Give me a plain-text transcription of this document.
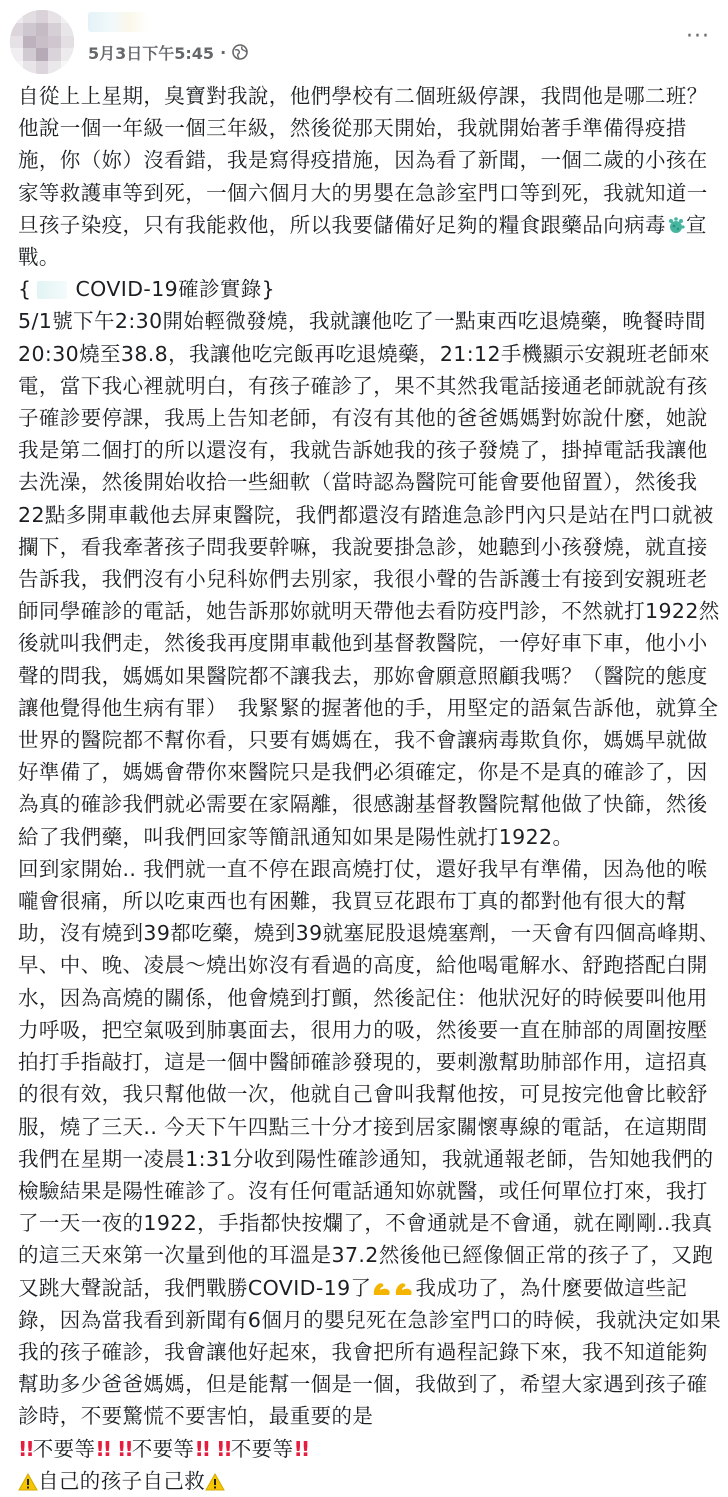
5月3日下午5:45 ·
···

自從上上星期，臭寶對我說，他們學校有二個班級停課，我問他是哪二班？他說一個一年級一個三年級，然後從那天開始，我就開始著手準備得疫措施，你（妳）沒看錯，我是寫得疫措施，因為看了新聞，一個二歲的小孩在家等救護車等到死，一個六個月大的男嬰在急診室門口等到死，我就知道一旦孩子染疫，只有我能救他，所以我要儲備好足夠的糧食跟藥品向病毒 宣戰。

{ COVID-19確診實錄}

5/1號下午2:30開始輕微發燒，我就讓他吃了一點東西吃退燒藥，晚餐時間20:30燒至38.8，我讓他吃完飯再吃退燒藥，21:12手機顯示安親班老師來電，當下我心裡就明白，有孩子確診了，果不其然我電話接通老師就說有孩子確診要停課，我馬上告知老師，有沒有其他的爸爸媽媽對妳說什麼，她說我是第二個打的所以還沒有，我就告訴她我的孩子發燒了，掛掉電話我讓他去洗澡，然後開始收拾一些細軟（當時認為醫院可能會要他留置），然後我22點多開車載他去屏東醫院，我們都還沒有踏進急診門內只是站在門口就被攔下，看我牽著孩子問我要幹嘛，我說要掛急診，她聽到小孩發燒，就直接告訴我，我們沒有小兒科妳們去別家，我很小聲的告訴護士有接到安親班老師同學確診的電話，她告訴那妳就明天帶他去看防疫門診，不然就打1922然後就叫我們走，然後我再度開車載他到基督教醫院，一停好車下車，他小小聲的問我，媽媽如果醫院都不讓我去，那妳會願意照顧我嗎？（醫院的態度讓他覺得他生病有罪）　我緊緊的握著他的手，用堅定的語氣告訴他，就算全世界的醫院都不幫你看，只要有媽媽在，我不會讓病毒欺負你，媽媽早就做好準備了，媽媽會帶你來醫院只是我們必須確定，你是不是真的確診了，因為真的確診我們就必需要在家隔離，很感謝基督教醫院幫他做了快篩，然後給了我們藥，叫我們回家等簡訊通知如果是陽性就打1922。

回到家開始.. 我們就一直不停在跟高燒打仗，還好我早有準備，因為他的喉嚨會很痛，所以吃東西也有困難，我買豆花跟布丁真的都對他有很大的幫助，沒有燒到39都吃藥，燒到39就塞屁股退燒塞劑，一天會有四個高峰期、早、中、晚、凌晨～燒出妳沒有看過的高度，給他喝電解水、舒跑搭配白開水，因為高燒的關係，他會燒到打顫，然後記住：他狀況好的時候要叫他用力呼吸，把空氣吸到肺裏面去，很用力的吸，然後要一直在肺部的周圍按壓拍打手指敲打，這是一個中醫師確診發現的，要刺激幫助肺部作用，這招真的很有效，我只幫他做一次，他就自己會叫我幫他按，可見按完他會比較舒服，燒了三天.. 今天下午四點三十分才接到居家關懷專線的電話，在這期間我們在星期一凌晨1:31分收到陽性確診通知，我就通報老師，告知她我們的檢驗結果是陽性確診了。沒有任何電話通知妳就醫，或任何單位打來，我打了一天一夜的1922，手指都快按爛了，不會通就是不會通，就在剛剛..我真的這三天來第一次量到他的耳溫是37.2然後他已經像個正常的孩子了，又跑又跳大聲說話，我們戰勝COVID-19了 我成功了，為什麼要做這些記錄，因為當我看到新聞有6個月的嬰兒死在急診室門口的時候，我就決定如果我的孩子確診，我會讓他好起來，我會把所有過程記錄下來，我不知道能夠幫助多少爸爸媽媽，但是能幫一個是一個，我做到了，希望大家遇到孩子確診時，不要驚慌不要害怕，最重要的是

!!不要等!! !!不要等!! !!不要等!!

自己的孩子自己救
